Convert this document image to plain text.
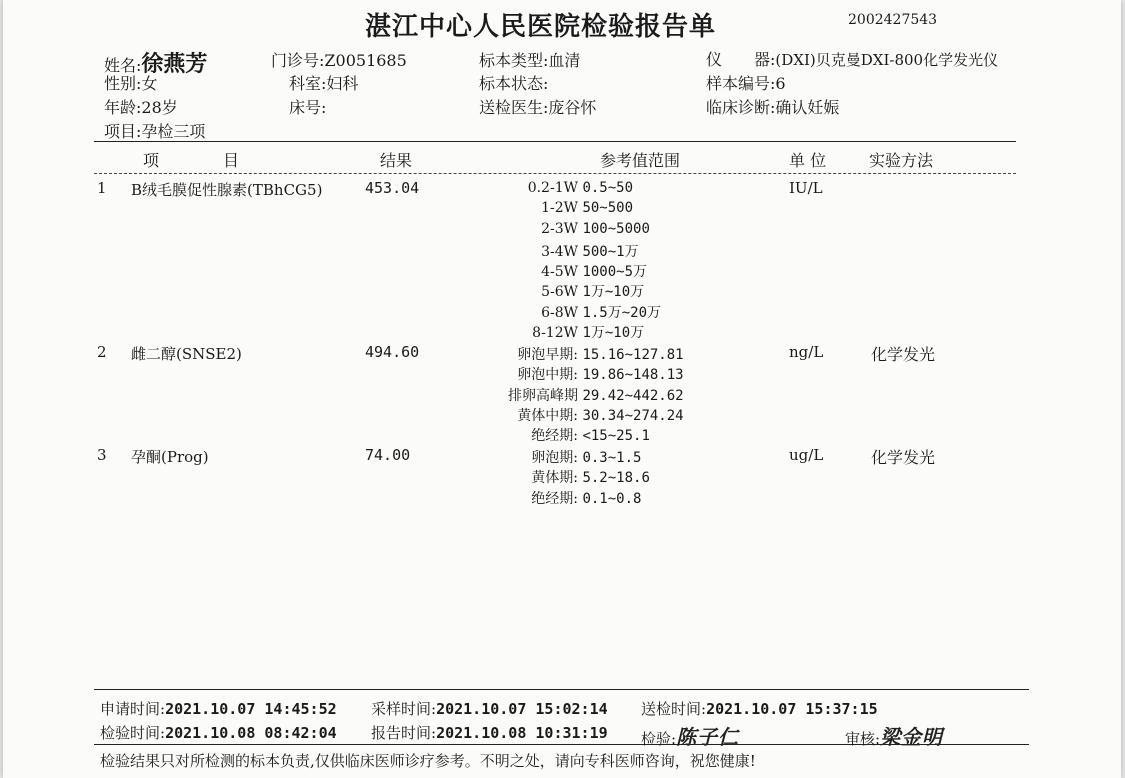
湛江中心人民医院检验报告单	2002427543
姓名:徐燕芳
性别:女
年龄:28岁
项目:孕检三项
门诊号:Z0051685
科室:妇科
床号:
标本类型:血清
标本状态:
送检医生:庞谷怀
仪　　器:(DXI)贝克曼DXI-800化学发光仪
样本编号:6
临床诊断:确认妊娠
项　　　　目	结果	参考值范围	单 位	实验方法
1 B绒毛膜促性腺素(TBhCG5)	453.04	0.2-1W 0.5~50
1-2W 50~500
2-3W 100~5000
3-4W 500~1万
4-5W 1000~5万
5-6W 1万~10万
6-8W 1.5万~20万
8-12W 1万~10万
IU/L
2 雌二醇(SNSE2)	494.60	卵泡早期: 15.16~127.81
卵泡中期: 19.86~148.13
排卵高峰期 29.42~442.62
黄体中期: 30.34~274.24
绝经期: <15~25.1
ng/L	化学发光
3 孕酮(Prog)	74.00	卵泡期: 0.3~1.5
黄体期: 5.2~18.6
绝经期: 0.1~0.8
ug/L	化学发光
申请时间:2021.10.07 14:45:52 采样时间:2021.10.07 15:02:14 送检时间:2021.10.07 15:37:15
检验时间:2021.10.08 08:42:04 报告时间:2021.10.08 10:31:19 检验:陈子仁	审核:梁金明
检验结果只对所检测的标本负责,仅供临床医师诊疗参考。不明之处，请向专科医师咨询，祝您健康!
